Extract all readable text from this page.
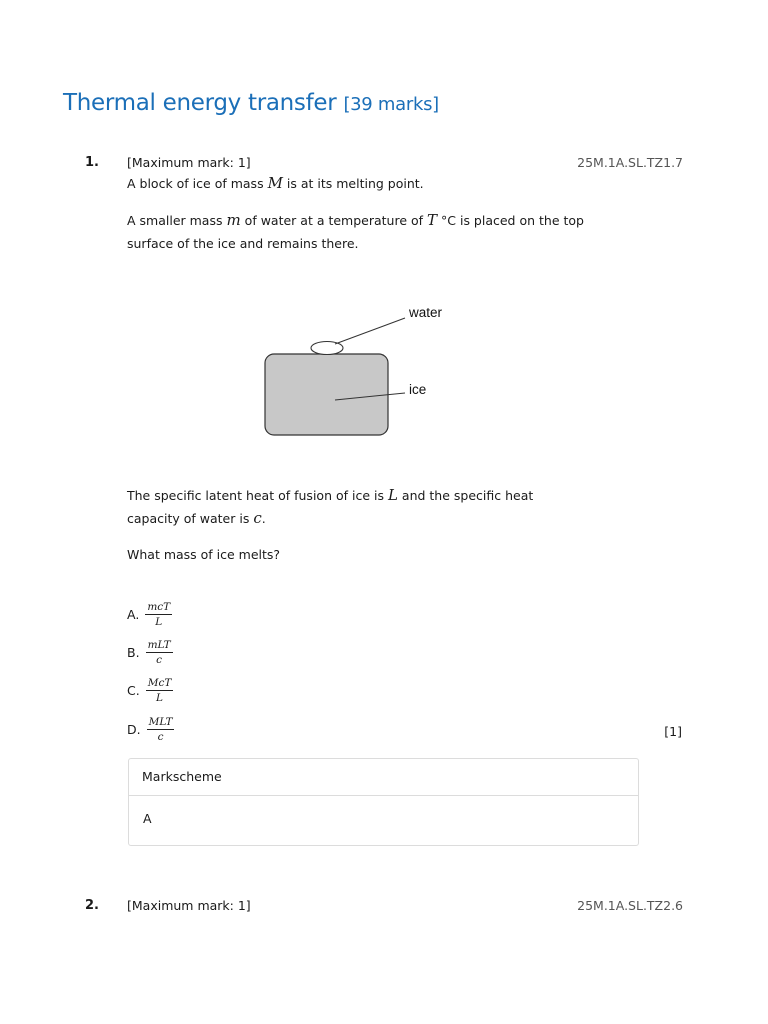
Thermal energy transfer [39 marks]
1. [Maximum mark: 1]	25M.1A.SL.TZ1.7
A block of ice of mass M is at its melting point.
A smaller mass m of water at a temperature of T °C is placed on the top surface of the ice and remains there.
water
ice
The specific latent heat of fusion of ice is L and the specific heat capacity of water is c.
What mass of ice melts?
A. $\frac{\text{mcT}}{L}$
B. $\frac{\text{mLT}}{c}$
C. $\frac{\text{McT}}{L}$
D. $\frac{\text{MLT}}{c}$	[1]
Markscheme
A
2. [Maximum mark: 1]	25M.1A.SL.TZ2.6
